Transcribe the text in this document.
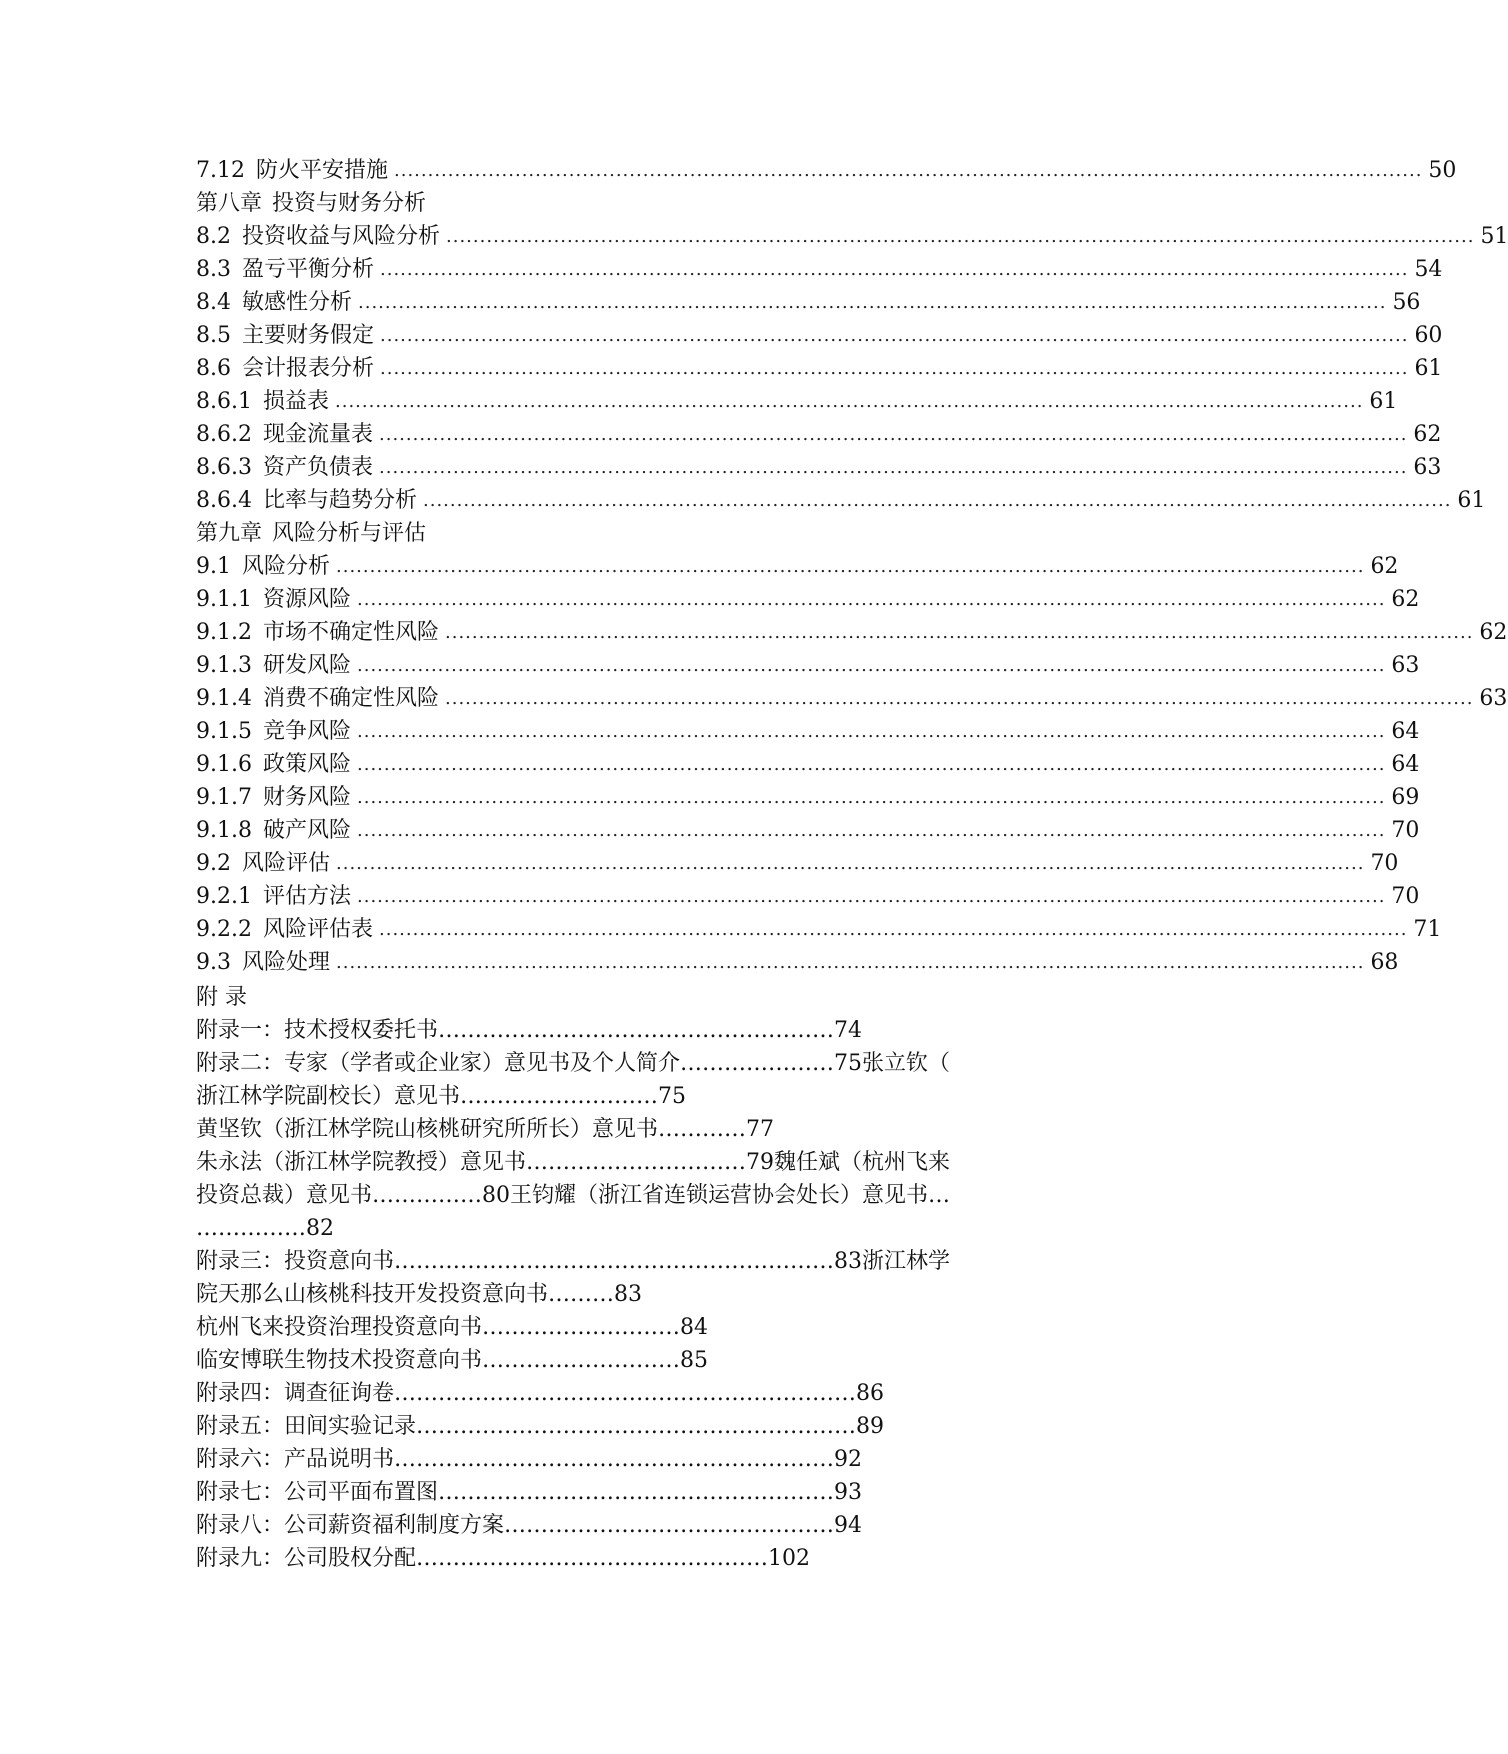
7.12 防火平安措施 ......................................................................................................................................................... 50
第八章 投资与财务分析
8.2 投资收益与风险分析 ......................................................................................................................................................... 51
8.3 盈亏平衡分析 ......................................................................................................................................................... 54
8.4 敏感性分析 ......................................................................................................................................................... 56
8.5 主要财务假定 ......................................................................................................................................................... 60
8.6 会计报表分析 ......................................................................................................................................................... 61
8.6.1 损益表 ......................................................................................................................................................... 61
8.6.2 现金流量表 ......................................................................................................................................................... 62
8.6.3 资产负债表 ......................................................................................................................................................... 63
8.6.4 比率与趋势分析 ......................................................................................................................................................... 61
第九章 风险分析与评估
9.1 风险分析 ......................................................................................................................................................... 62
9.1.1 资源风险 ......................................................................................................................................................... 62
9.1.2 市场不确定性风险 ......................................................................................................................................................... 62
9.1.3 研发风险 ......................................................................................................................................................... 63
9.1.4 消费不确定性风险 ......................................................................................................................................................... 63
9.1.5 竞争风险 ......................................................................................................................................................... 64
9.1.6 政策风险 ......................................................................................................................................................... 64
9.1.7 财务风险 ......................................................................................................................................................... 69
9.1.8 破产风险 ......................................................................................................................................................... 70
9.2 风险评估 ......................................................................................................................................................... 70
9.2.1 评估方法 ......................................................................................................................................................... 70
9.2.2 风险评估表 ......................................................................................................................................................... 71
9.3 风险处理 ......................................................................................................................................................... 68
附 录
附录一：技术授权委托书………………………………………………74
附录二：专家（学者或企业家）意见书及个人简介…………………75张立钦（
浙江林学院副校长）意见书………………………75
黄坚钦（浙江林学院山核桃研究所所长）意见书…………77
朱永法（浙江林学院教授）意见书…………………………79魏任斌（杭州飞来
投资总裁）意见书……………80王钧耀（浙江省连锁运营协会处长）意见书…
……………82
附录三：投资意向书……………………………………………………83浙江林学
院天那么山核桃科技开发投资意向书………83
杭州飞来投资治理投资意向书………………………84
临安博联生物技术投资意向书………………………85
附录四：调查征询卷………………………………………………………86
附录五：田间实验记录……………………………………………………89
附录六：产品说明书……………………………………………………92
附录七：公司平面布置图………………………………………………93
附录八：公司薪资福利制度方案………………………………………94
附录九：公司股权分配…………………………………………102
